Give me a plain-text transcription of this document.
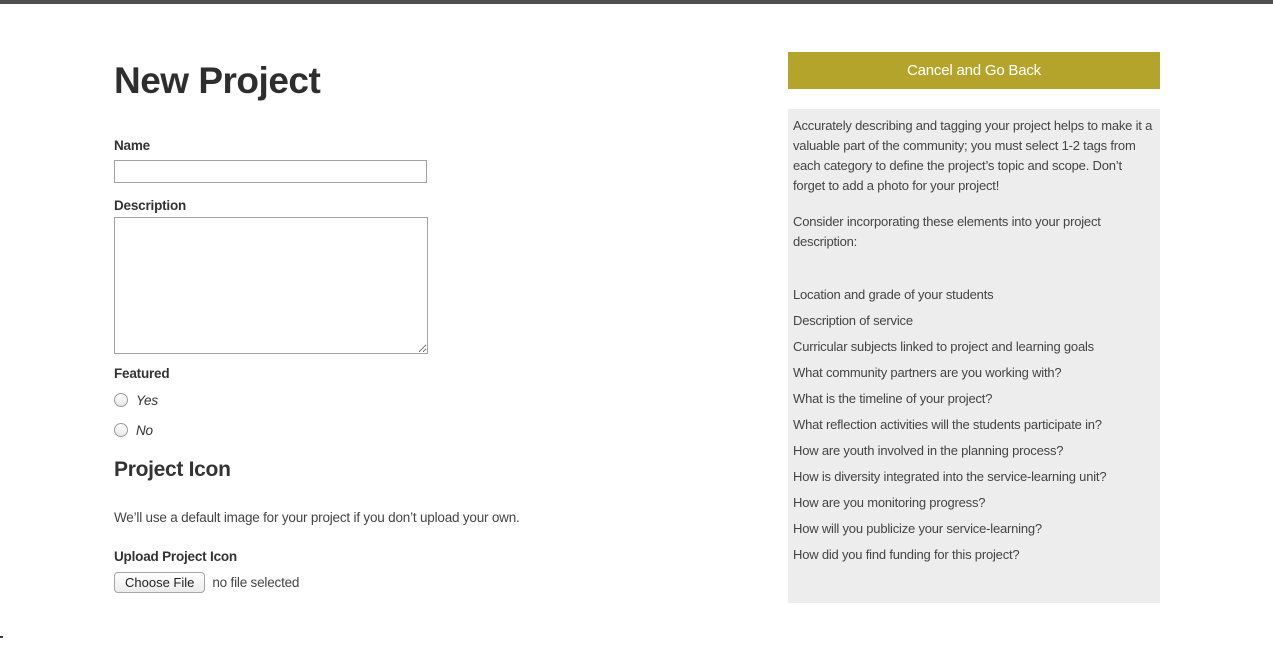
New Project
Name
Description
Featured
Yes
No
Project Icon

We’ll use a default image for your project if you don’t upload your own.

Upload Project Icon
Choose File	no file selected
Cancel and Go Back

Accurately describing and tagging your project helps to make it a valuable part of the community; you must select 1-2 tags from each category to define the project’s topic and scope. Don’t forget to add a photo for your project!

Consider incorporating these elements into your project description:

Location and grade of your students
Description of service
Curricular subjects linked to project and learning goals
What community partners are you working with?
What is the timeline of your project?
What reflection activities will the students participate in?
How are youth involved in the planning process?
How is diversity integrated into the service-learning unit?
How are you monitoring progress?
How will you publicize your service-learning?
How did you find funding for this project?
